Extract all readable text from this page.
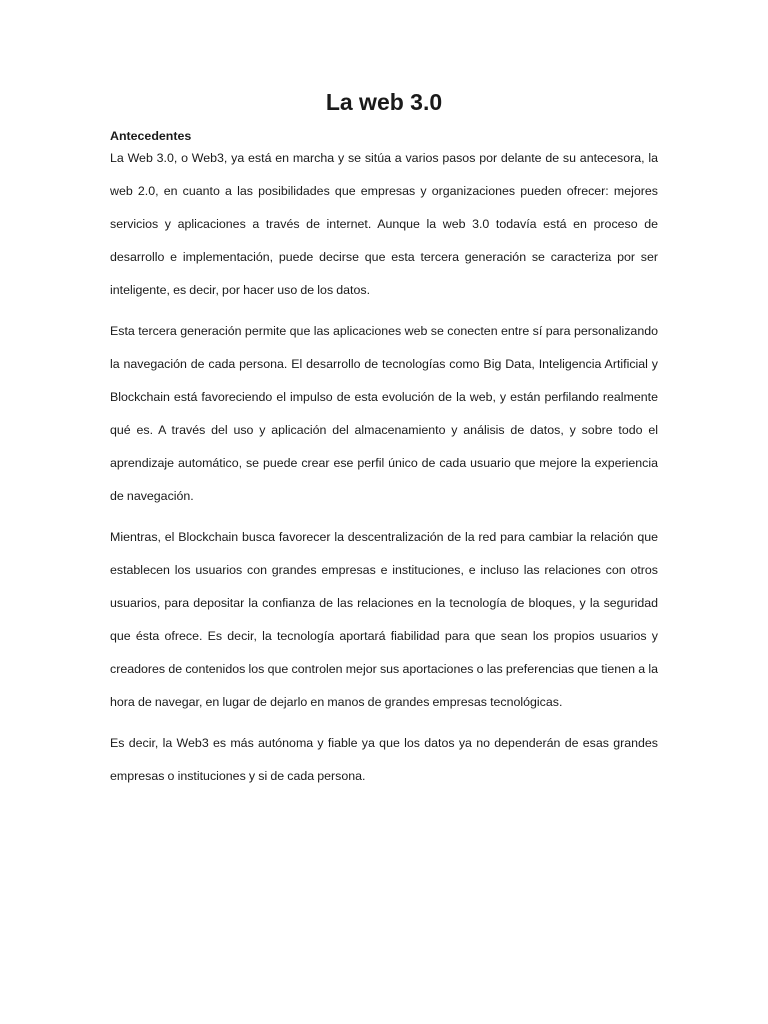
La web 3.0
Antecedentes

La Web 3.0, o Web3, ya está en marcha y se sitúa a varios pasos por delante de su antecesora, la web 2.0, en cuanto a las posibilidades que empresas y organizaciones pueden ofrecer: mejores servicios y aplicaciones a través de internet. Aunque la web 3.0 todavía está en proceso de desarrollo e implementación, puede decirse que esta tercera generación se caracteriza por ser inteligente, es decir, por hacer uso de los datos.

Esta tercera generación permite que las aplicaciones web se conecten entre sí para personalizando la navegación de cada persona. El desarrollo de tecnologías como Big Data, Inteligencia Artificial y Blockchain está favoreciendo el impulso de esta evolución de la web, y están perfilando realmente qué es. A través del uso y aplicación del almacenamiento y análisis de datos, y sobre todo el aprendizaje automático, se puede crear ese perfil único de cada usuario que mejore la experiencia de navegación.

Mientras, el Blockchain busca favorecer la descentralización de la red para cambiar la relación que establecen los usuarios con grandes empresas e instituciones, e incluso las relaciones con otros usuarios, para depositar la confianza de las relaciones en la tecnología de bloques, y la seguridad que ésta ofrece. Es decir, la tecnología aportará fiabilidad para que sean los propios usuarios y creadores de contenidos los que controlen mejor sus aportaciones o las preferencias que tienen a la hora de navegar, en lugar de dejarlo en manos de grandes empresas tecnológicas.

Es decir, la Web3 es más autónoma y fiable ya que los datos ya no dependerán de esas grandes empresas o instituciones y si de cada persona.
